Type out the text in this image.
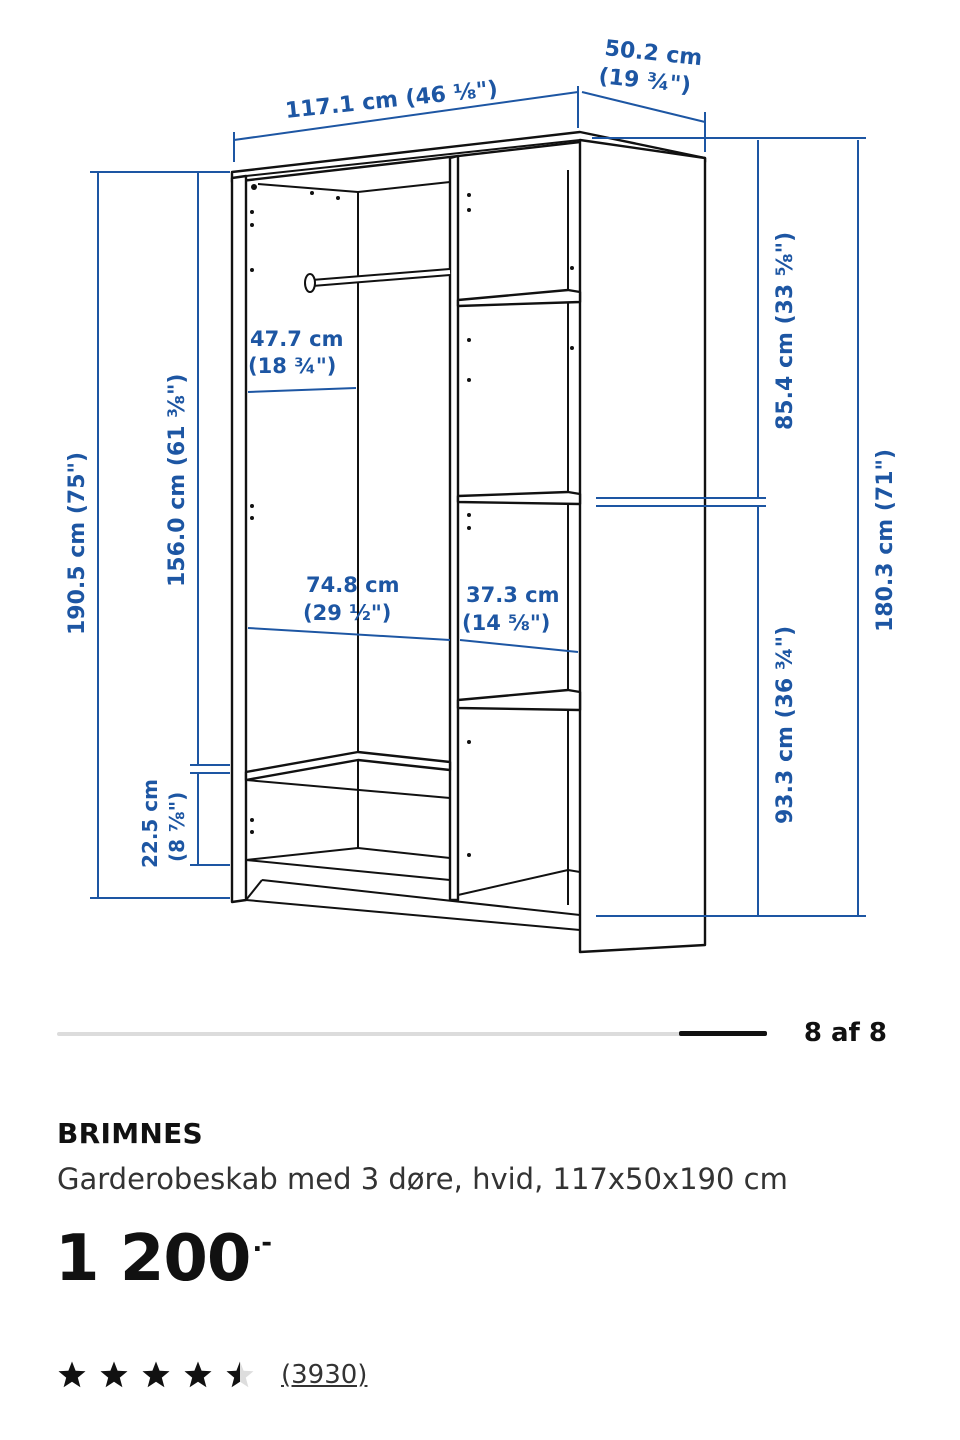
117.1 cm (46 ⅛")
50.2 cm
(19 ¾")
190.5 cm (75")	156.0 cm (61 ⅜")
22.5 cm (8 ⅞")
47.7 cm
(18 ¾")
74.8 cm
(29 ½")
37.3 cm
(14 ⅝")
85.4 cm (33 ⅝")
93.3 cm (36 ¾")
180.3 cm (71")
8 af 8
BRIMNES
Garderobeskab med 3 døre, hvid, 117x50x190 cm
1 200.-
(3930)
